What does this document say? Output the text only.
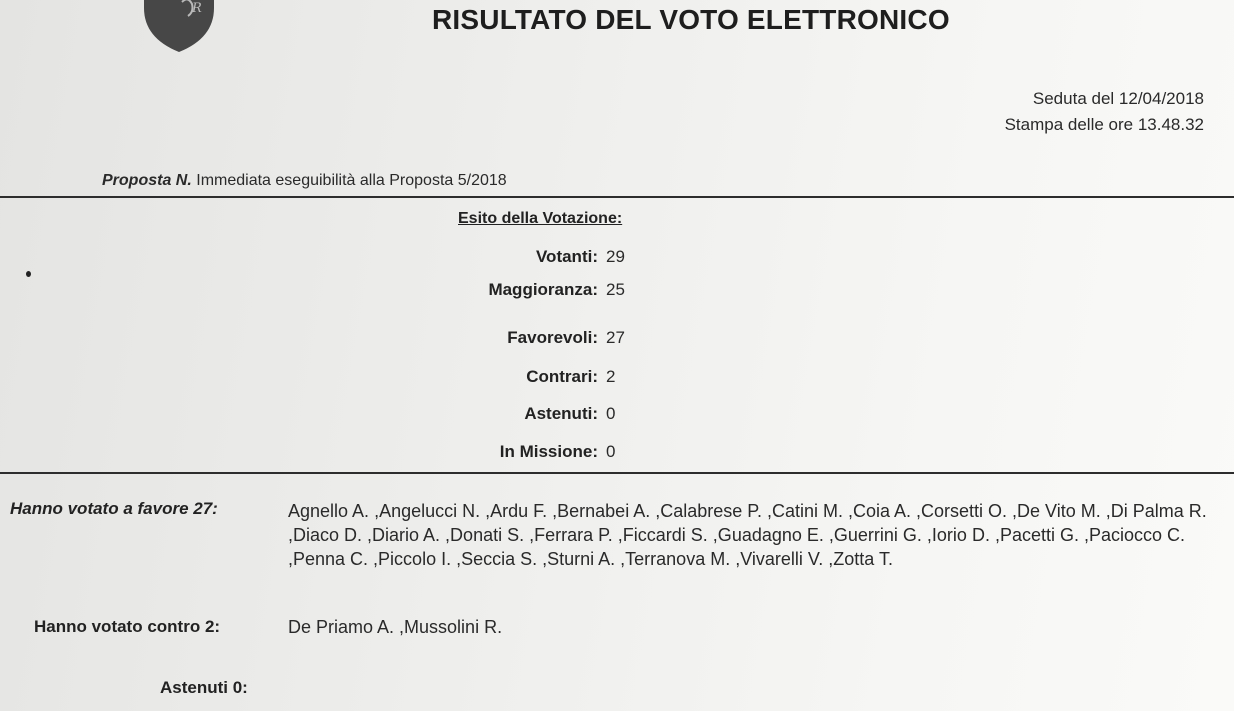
R	RISULTATO DEL VOTO ELETTRONICO
Seduta del 12/04/2018
Stampa delle ore 13.48.32
Proposta N. Immediata eseguibilità alla Proposta 5/2018
Esito della Votazione:
Votanti: 29
Maggioranza: 25
Favorevoli: 27
Contrari: 2
Astenuti: 0
In Missione: 0
Hanno votato a favore 27:	Agnello A. ,Angelucci N. ,Ardu F. ,Bernabei A. ,Calabrese P. ,Catini M. ,Coia A. ,Corsetti O. ,De Vito M. ,Di Palma R. ,Diaco D. ,Diario A. ,Donati S. ,Ferrara P. ,Ficcardi S. ,Guadagno E. ,Guerrini G. ,Iorio D. ,Pacetti G. ,Paciocco C. ,Penna C. ,Piccolo I. ,Seccia S. ,Sturni A. ,Terranova M. ,Vivarelli V. ,Zotta T.
Hanno votato contro 2:	De Priamo A. ,Mussolini R.
Astenuti 0:
